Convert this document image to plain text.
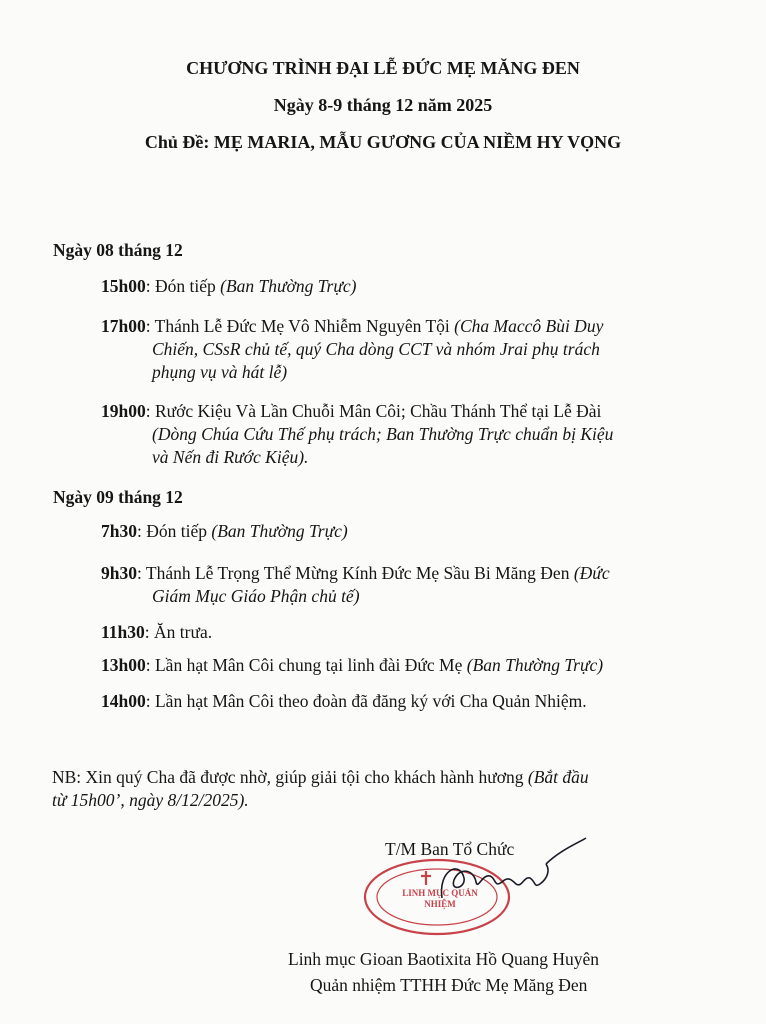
CHƯƠNG TRÌNH ĐẠI LỄ ĐỨC MẸ MĂNG ĐEN
Ngày 8-9 tháng 12 năm 2025
Chủ Đề: MẸ MARIA, MẪU GƯƠNG CỦA NIỀM HY VỌNG
Ngày 08 tháng 12
15h00: Đón tiếp (Ban Thường Trực)
17h00: Thánh Lễ Đức Mẹ Vô Nhiễm Nguyên Tội (Cha Maccô Bùi Duy
Chiến, CSsR chủ tế, quý Cha dòng CCT và nhóm Jrai phụ trách
phụng vụ và hát lễ)
19h00: Rước Kiệu Và Lần Chuỗi Mân Côi; Chầu Thánh Thể tại Lễ Đài
(Dòng Chúa Cứu Thế phụ trách; Ban Thường Trực chuẩn bị Kiệu
và Nến đi Rước Kiệu).
Ngày 09 tháng 12
7h30: Đón tiếp (Ban Thường Trực)
9h30: Thánh Lễ Trọng Thể Mừng Kính Đức Mẹ Sầu Bi Măng Đen (Đức
Giám Mục Giáo Phận chủ tế)
11h30: Ăn trưa.
13h00: Lần hạt Mân Côi chung tại linh đài Đức Mẹ (Ban Thường Trực)
14h00: Lần hạt Mân Côi theo đoàn đã đăng ký với Cha Quản Nhiệm.
NB: Xin quý Cha đã được nhờ, giúp giải tội cho khách hành hương (Bắt đầu
từ 15h00’, ngày 8/12/2025).
T/M Ban Tổ Chức
LINH MỤC QUẢN NHIỆM
Linh mục Gioan Baotixita Hồ Quang Huyên
Quản nhiệm TTHH Đức Mẹ Măng Đen
